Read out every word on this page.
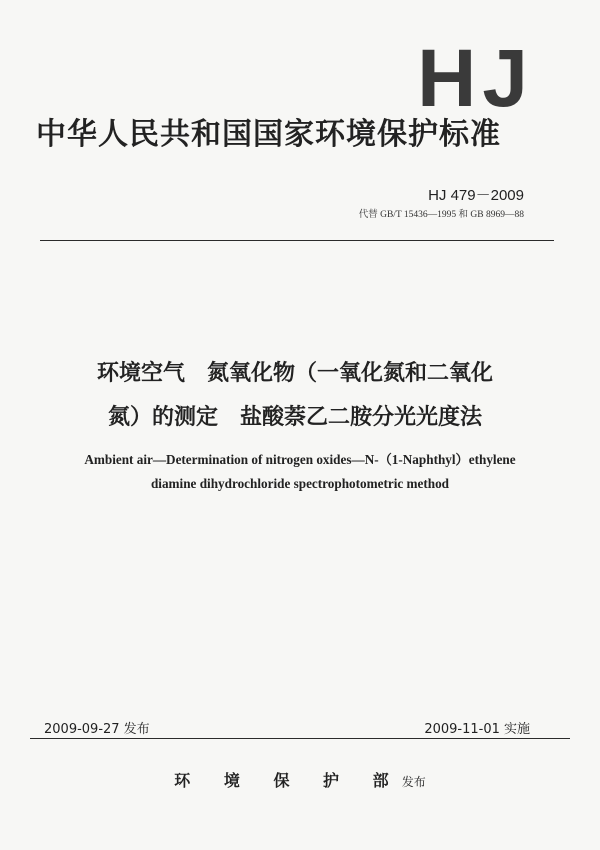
HJ
中华人民共和国国家环境保护标准
HJ 479－2009
代替 GB/T 15436—1995 和 GB 8969—88
环境空气　氮氧化物（一氧化氮和二氧化
氮）的测定　盐酸萘乙二胺分光光度法
Ambient air—Determination of nitrogen oxides—N-（1-Naphthyl）ethylene
diamine dihydrochloride spectrophotometric method
2009-09-27 发布	2009-11-01 实施
环 境 保 护 部 发布
